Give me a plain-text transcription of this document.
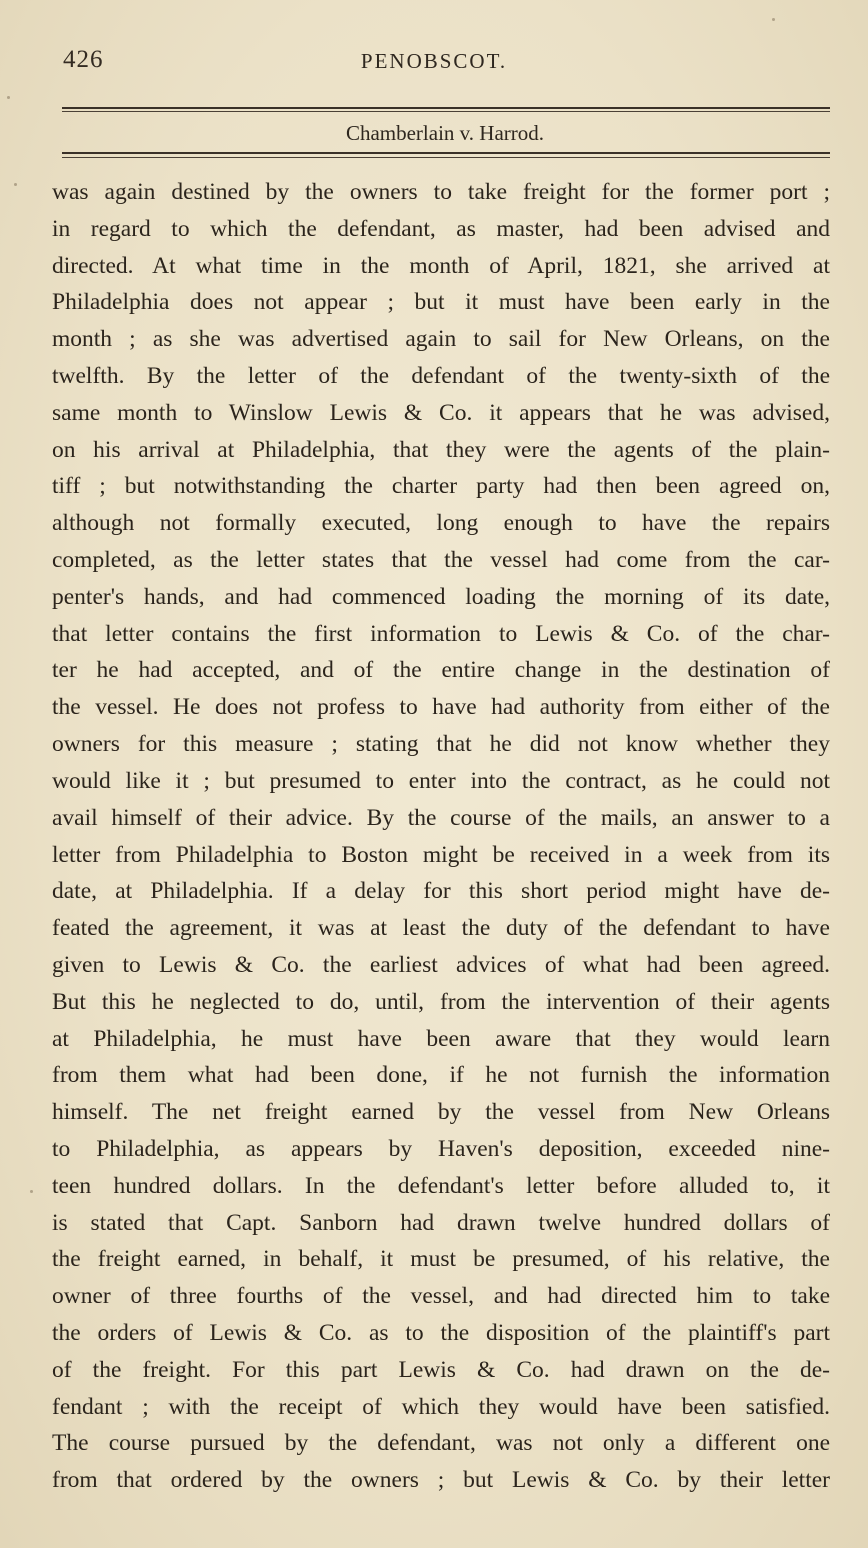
426	PENOBSCOT.
Chamberlain v. Harrod.
was again destined by the owners to take freight for the former port ;
in regard to which the defendant, as master, had been advised and
directed. At what time in the month of April, 1821, she arrived at
Philadelphia does not appear ; but it must have been early in the
month ; as she was advertised again to sail for New Orleans, on the
twelfth. By the letter of the defendant of the twenty-sixth of the
same month to Winslow Lewis & Co. it appears that he was advised,
on his arrival at Philadelphia, that they were the agents of the plain-
tiff ; but notwithstanding the charter party had then been agreed on,
although not formally executed, long enough to have the repairs
completed, as the letter states that the vessel had come from the car-
penter's hands, and had commenced loading the morning of its date,
that letter contains the first information to Lewis & Co. of the char-
ter he had accepted, and of the entire change in the destination of
the vessel. He does not profess to have had authority from either of the
owners for this measure ; stating that he did not know whether they
would like it ; but presumed to enter into the contract, as he could not
avail himself of their advice. By the course of the mails, an answer to a
letter from Philadelphia to Boston might be received in a week from its
date, at Philadelphia. If a delay for this short period might have de-
feated the agreement, it was at least the duty of the defendant to have
given to Lewis & Co. the earliest advices of what had been agreed.
But this he neglected to do, until, from the intervention of their agents
at Philadelphia, he must have been aware that they would learn
from them what had been done, if he not furnish the information
himself. The net freight earned by the vessel from New Orleans
to Philadelphia, as appears by Haven's deposition, exceeded nine-
teen hundred dollars. In the defendant's letter before alluded to, it
is stated that Capt. Sanborn had drawn twelve hundred dollars of
the freight earned, in behalf, it must be presumed, of his relative, the
owner of three fourths of the vessel, and had directed him to take
the orders of Lewis & Co. as to the disposition of the plaintiff's part
of the freight. For this part Lewis & Co. had drawn on the de-
fendant ; with the receipt of which they would have been satisfied.
The course pursued by the defendant, was not only a different one
from that ordered by the owners ; but Lewis & Co. by their letter
